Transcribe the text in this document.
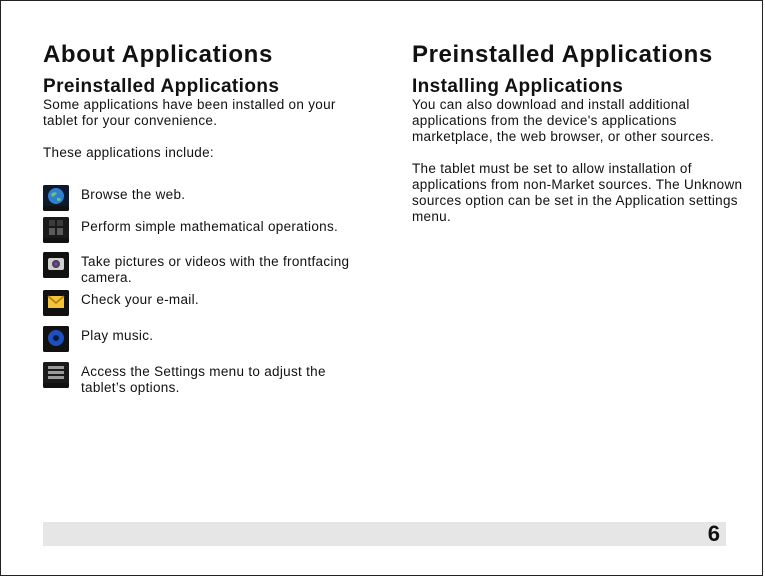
About Applications
Preinstalled Applications

Some applications have been installed on your tablet for your convenience.

These applications include:

Browse the web.
Perform simple mathematical operations.
Take pictures or videos with the frontfacing camera.
Check your e-mail.
Play music.
Access the Settings menu to adjust the tablet’s options.
Preinstalled Applications
Installing Applications

You can also download and install additional applications from the device's applications marketplace, the web browser, or other sources.

The tablet must be set to allow installation of applications from non-Market sources. The Unknown sources option can be set in the Application settings menu.

6
